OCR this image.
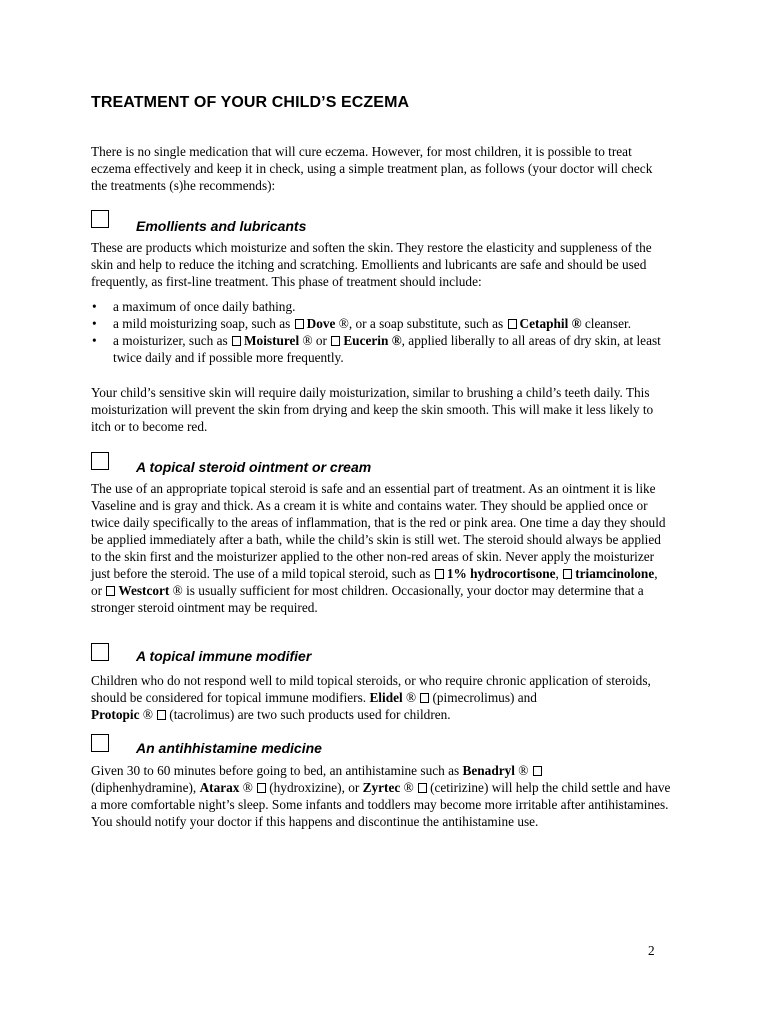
TREATMENT OF YOUR CHILD’S ECZEMA

There is no single medication that will cure eczema. However, for most children, it is possible to treat eczema effectively and keep it in check, using a simple treatment plan, as follows (your doctor will check the treatments (s)he recommends):

Emollients and lubricants

These are products which moisturize and soften the skin. They restore the elasticity and suppleness of the skin and help to reduce the itching and scratching. Emollients and lubricants are safe and should be used frequently, as first-line treatment. This phase of treatment should include:

• a maximum of once daily bathing.
• a mild moisturizing soap, such as Dove ®, or a soap substitute, such as Cetaphil ® cleanser.
• a moisturizer, such as Moisturel ® or Eucerin ®, applied liberally to all areas of dry skin, at least twice daily and if possible more frequently.

Your child’s sensitive skin will require daily moisturization, similar to brushing a child’s teeth daily. This moisturization will prevent the skin from drying and keep the skin smooth. This will make it less likely to itch or to become red.

A topical steroid ointment or cream

The use of an appropriate topical steroid is safe and an essential part of treatment. As an ointment it is like Vaseline and is gray and thick. As a cream it is white and contains water. They should be applied once or twice daily specifically to the areas of inflammation, that is the red or pink area. One time a day they should be applied immediately after a bath, while the child’s skin is still wet. The steroid should always be applied to the skin first and the moisturizer applied to the other non-red areas of skin. Never apply the moisturizer just before the steroid. The use of a mild topical steroid, such as 1% hydrocortisone, triamcinolone, or Westcort ® is usually sufficient for most children. Occasionally, your doctor may determine that a stronger steroid ointment may be required.

A topical immune modifier

Children who do not respond well to mild topical steroids, or who require chronic application of steroids, should be considered for topical immune modifiers. Elidel ® (pimecrolimus) and
Protopic ® (tacrolimus) are two such products used for children.

An antihhistamine medicine

Given 30 to 60 minutes before going to bed, an antihistamine such as Benadryl ®
(diphenhydramine), Atarax ® (hydroxizine), or Zyrtec ® (cetirizine) will help the child settle and have a more comfortable night’s sleep. Some infants and toddlers may become more irritable after antihistamines. You should notify your doctor if this happens and discontinue the antihistamine use.

2
